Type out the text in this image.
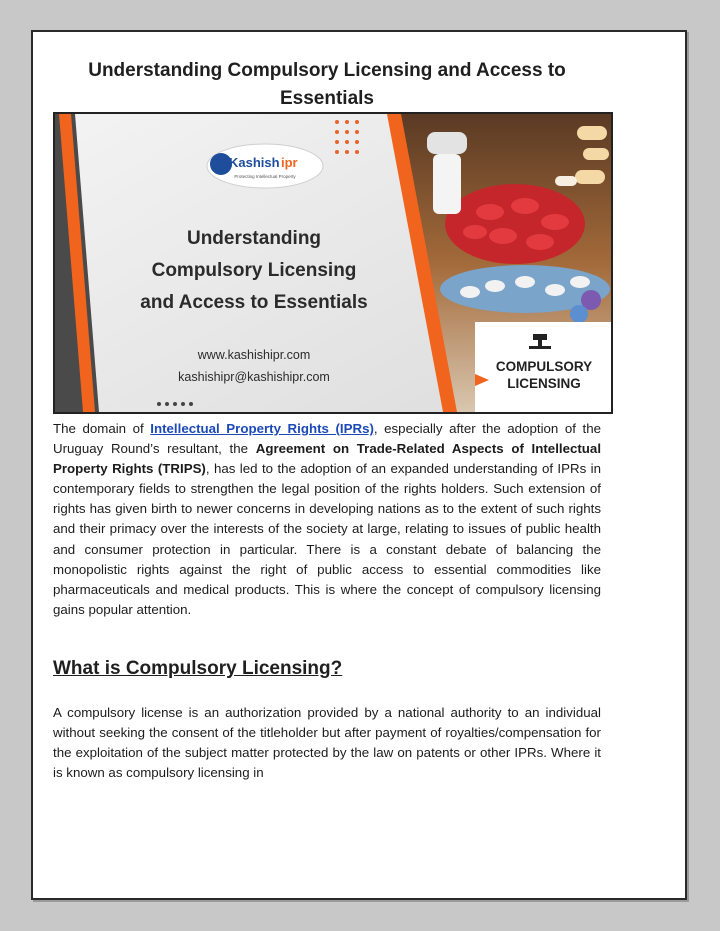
Understanding Compulsory Licensing and Access to
Essentials
Kashish ipr
Protecting Intellectual Property
Understanding
Compulsory Licensing
and Access to Essentials
www.kashishipr.com
kashishipr@kashishipr.com
COMPULSORY
LICENSING
The domain of Intellectual Property Rights (IPRs), especially after the adoption of the Uruguay Round’s resultant, the Agreement on Trade-Related Aspects of Intellectual Property Rights (TRIPS), has led to the adoption of an expanded understanding of IPRs in contemporary fields to strengthen the legal position of the rights holders. Such extension of rights has given birth to newer concerns in developing nations as to the extent of such rights and their primacy over the interests of the society at large, relating to issues of public health and consumer protection in particular. There is a constant debate of balancing the monopolistic rights against the right of public access to essential commodities like pharmaceuticals and medical products. This is where the concept of compulsory licensing gains popular attention.
What is Compulsory Licensing?
A compulsory license is an authorization provided by a national authority to an individual without seeking the consent of the titleholder but after payment of royalties/compensation for the exploitation of the subject matter protected by the law on patents or other IPRs. Where it is known as compulsory licensing in
